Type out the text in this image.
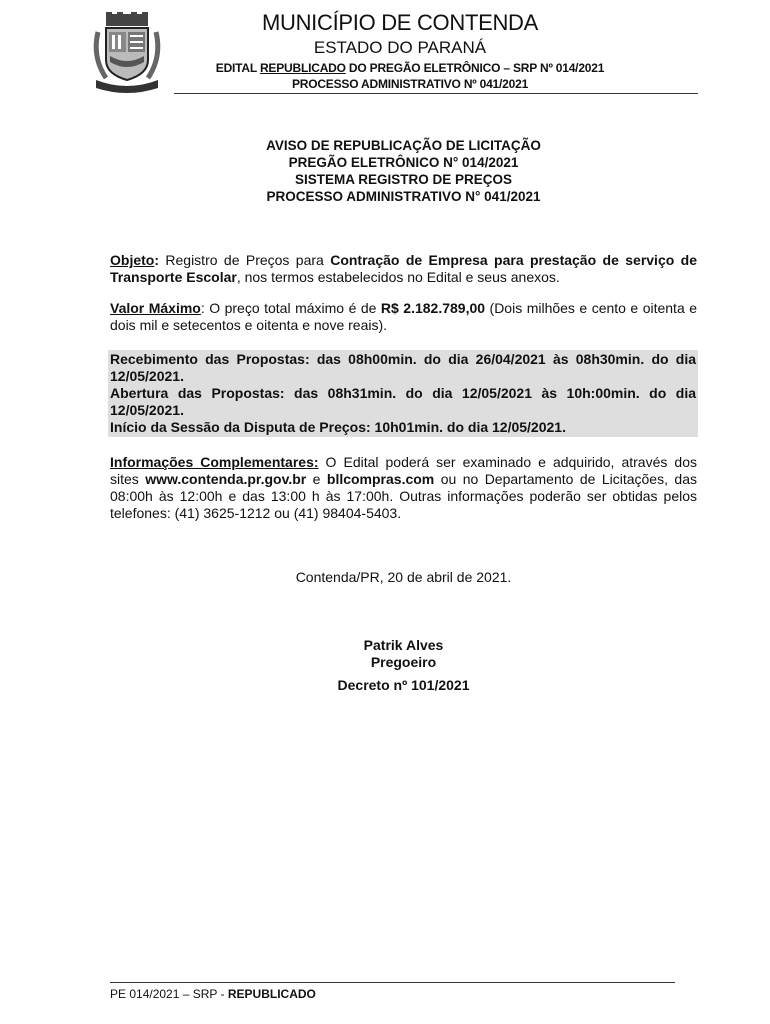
MUNICÍPIO DE CONTENDA
ESTADO DO PARANÁ
EDITAL REPUBLICADO DO PREGÃO ELETRÔNICO – SRP Nº 014/2021
PROCESSO ADMINISTRATIVO Nº 041/2021
AVISO DE REPUBLICAÇÃO DE LICITAÇÃO
PREGÃO ELETRÔNICO N° 014/2021
SISTEMA REGISTRO DE PREÇOS
PROCESSO ADMINISTRATIVO N° 041/2021
Objeto: Registro de Preços para Contração de Empresa para prestação de serviço de Transporte Escolar, nos termos estabelecidos no Edital e seus anexos.
Valor Máximo: O preço total máximo é de R$ 2.182.789,00 (Dois milhões e cento e oitenta e dois mil e setecentos e oitenta e nove reais).
Recebimento das Propostas: das 08h00min. do dia 26/04/2021 às 08h30min. do dia 12/05/2021.
Abertura das Propostas: das 08h31min. do dia 12/05/2021 às 10h:00min. do dia 12/05/2021.
Início da Sessão da Disputa de Preços: 10h01min. do dia 12/05/2021.
Informações Complementares: O Edital poderá ser examinado e adquirido, através dos sites www.contenda.pr.gov.br e bllcompras.com ou no Departamento de Licitações, das 08:00h às 12:00h e das 13:00 h às 17:00h. Outras informações poderão ser obtidas pelos telefones: (41) 3625-1212 ou (41) 98404-5403.
Contenda/PR, 20 de abril de 2021.
Patrik Alves
Pregoeiro
Decreto nº 101/2021
PE 014/2021 – SRP - REPUBLICADO
